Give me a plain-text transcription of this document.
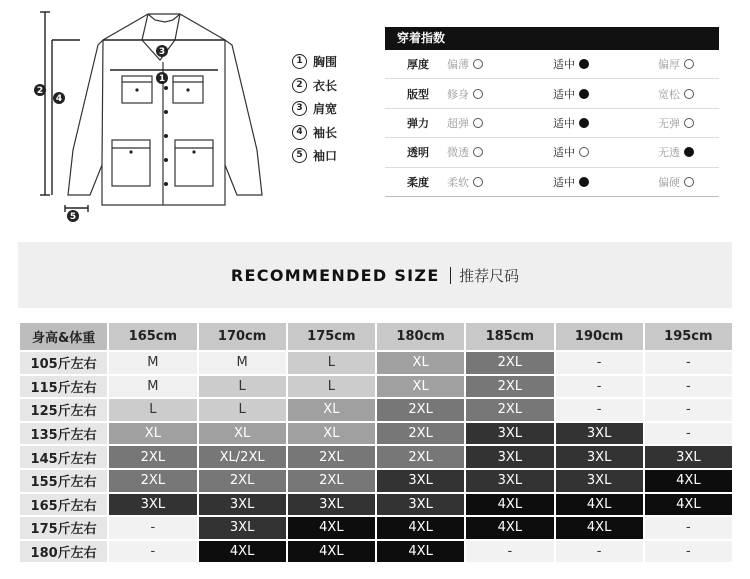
3
1
2
4
5
1 胸围
2 衣长
3 肩宽
4 袖长
5 袖口
穿着指数
厚度	偏薄	适中	偏厚
版型	修身	适中	宽松
弹力	超弹	适中	无弹
透明	微透	适中	无透
柔度	柔软	适中	偏硬
RECOMMENDED SIZE 推荐尺码
身高&体重	165cm	170cm	175cm	180cm	185cm	190cm	195cm
105斤左右	M	M	L	XL	2XL	-	-
115斤左右	M	L	L	XL	2XL	-	-
125斤左右	L	L	XL	2XL	2XL	-	-
135斤左右	XL	XL	XL	2XL	3XL	3XL	-
145斤左右	2XL	XL/2XL	2XL	2XL	3XL	3XL	3XL
155斤左右	2XL	2XL	2XL	3XL	3XL	3XL	4XL
165斤左右	3XL	3XL	3XL	3XL	4XL	4XL	4XL
175斤左右	-	3XL	4XL	4XL	4XL	4XL	-
180斤左右	-	4XL	4XL	4XL	-	-	-
